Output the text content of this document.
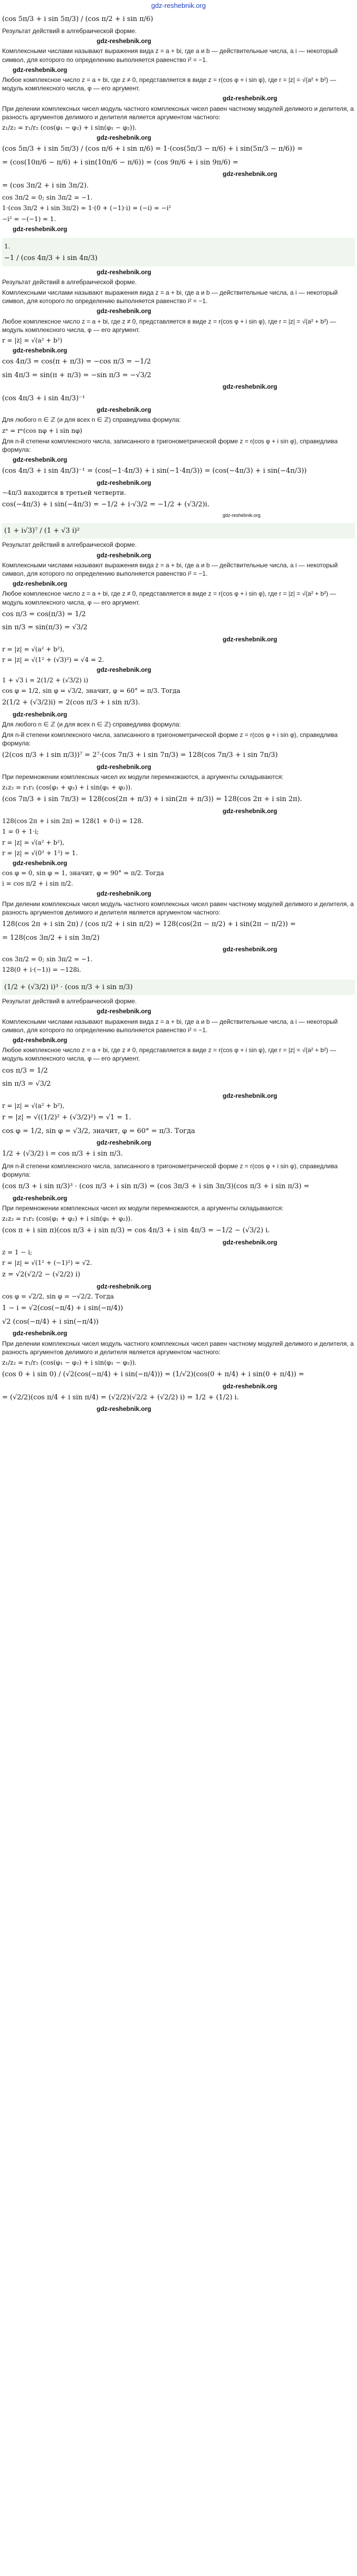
gdz-reshebnik.org
(cos 5π/3 + i sin 5π/3) / (cos π/2 + i sin π/6)
Результат действий в алгебраической форме.
gdz-reshebnik.org
Комплексными числами называют выражения вида z = a + bi, где a и b — действительные числа, а i — некоторый символ, для которого по определению выполняется равенство i² = −1.
gdz-reshebnik.org
Любое комплексное число z = a + bi, где z ≠ 0, представляется в виде z = r(cos φ + i sin φ), где r = |z| = √(a² + b²) — модуль комплексного числа, φ — его аргумент.
gdz-reshebnik.org
При делении комплексных чисел модуль частного комплексных чисел равен частному модулей делимого и делителя, а разность аргументов делимого и делителя является аргументом частного:
z₁/z₂ = r₁/r₂ (cos(φ₁ − φ₂) + i sin(φ₁ − φ₂)).
gdz-reshebnik.org
(cos 5π/3 + i sin 5π/3) / (cos π/6 + i sin π/6) = 1·(cos(5π/3 − π/6) + i sin(5π/3 − π/6)) =
= (cos(10π/6 − π/6) + i sin(10π/6 − π/6)) = (cos 9π/6 + i sin 9π/6) =
gdz-reshebnik.org
= (cos 3π/2 + i sin 3π/2).
cos 3π/2 = 0; sin 3π/2 = −1.
1·(cos 3π/2 + i sin 3π/2) = 1·(0 + (−1)·i) = (−i) = −i²
−i² = −(−1) = 1.
gdz-reshebnik.org
1.
−1 / (cos 4π/3 + i sin 4π/3)
gdz-reshebnik.org
Результат действий в алгебраической форме.
Комплексными числами называют выражения вида z = a + bi, где a и b — действительные числа, а i — некоторый символ, для которого по определению выполняется равенство i² = −1.
gdz-reshebnik.org
Любое комплексное число z = a + bi, где z ≠ 0, представляется в виде z = r(cos φ + i sin φ), где r = |z| = √(a² + b²) — модуль комплексного числа, φ — его аргумент.
r = |z| = √(a² + b²)
gdz-reshebnik.org
cos 4π/3 = cos(π + π/3) = −cos π/3 = −1/2
sin 4π/3 = sin(π + π/3) = −sin π/3 = −√3/2
gdz-reshebnik.org
(cos 4π/3 + i sin 4π/3)⁻¹
gdz-reshebnik.org
Для любого n ∈ ℤ (и для всех n ∈ ℤ) справедлива формула:
zⁿ = rⁿ(cos nφ + i sin nφ)
Для n-й степени комплексного числа, записанного в тригонометрической форме z = r(cos φ + i sin φ), справедлива формула:
gdz-reshebnik.org
(cos 4π/3 + i sin 4π/3)⁻¹ = (cos(−1·4π/3) + i sin(−1·4π/3)) = (cos(−4π/3) + i sin(−4π/3))
gdz-reshebnik.org
−4π/3 находится в третьей четверти.
cos(−4π/3) + i sin(−4π/3) = −1/2 + i·√3/2 = −1/2 + (√3/2)i.
gdz-reshebnik.org
(1 + i√3)⁷ / (1 + √3 i)²
Результат действий в алгебраической форме.
gdz-reshebnik.org
Комплексными числами называют выражения вида z = a + bi, где a и b — действительные числа, а i — некоторый символ, для которого по определению выполняется равенство i² = −1.
gdz-reshebnik.org
Любое комплексное число z = a + bi, где z ≠ 0, представляется в виде z = r(cos φ + i sin φ), где r = |z| = √(a² + b²) — модуль комплексного числа, φ — его аргумент.
cos π/3 = cos(π/3) = 1/2
sin π/3 = sin(π/3) = √3/2
gdz-reshebnik.org
r = |z| = √(a² + b²),
r = |z| = √(1² + (√3)²) = √4 = 2.
gdz-reshebnik.org
1 + √3 i = 2(1/2 + (√3/2) i)
cos φ = 1/2, sin φ = √3/2, значит, φ = 60° = π/3. Тогда
2(1/2 + (√3/2)i) = 2(cos π/3 + i sin π/3).
gdz-reshebnik.org
Для любого n ∈ ℤ (и для всех n ∈ ℤ) справедлива формула:
Для n-й степени комплексного числа, записанного в тригонометрической форме z = r(cos φ + i sin φ), справедлива формула:
(2(cos π/3 + i sin π/3))⁷ = 2⁷·(cos 7π/3 + i sin 7π/3) = 128(cos 7π/3 + i sin 7π/3)
gdz-reshebnik.org
При перемножении комплексных чисел их модули перемножаются, а аргументы складываются:
z₁z₂ = r₁r₂ (cos(φ₁ + φ₂) + i sin(φ₁ + φ₂)).
(cos 7π/3 + i sin 7π/3) = 128(cos(2π + π/3) + i sin(2π + π/3)) = 128(cos 2π + i sin 2π).
gdz-reshebnik.org
128(cos 2π + i sin 2π) = 128(1 + 0·i) = 128.
1 = 0 + 1·i;
r = |z| = √(a² + b²),
r = |z| = √(0² + 1²) = 1.
gdz-reshebnik.org
cos φ = 0, sin φ = 1, значит, φ = 90° = π/2. Тогда
i = cos π/2 + i sin π/2.
gdz-reshebnik.org
При делении комплексных чисел модуль частного комплексных чисел равен частному модулей делимого и делителя, а разность аргументов делимого и делителя является аргументом частного:
128(cos 2π + i sin 2π) / (cos π/2 + i sin π/2) = 128(cos(2π − π/2) + i sin(2π − π/2)) =
= 128(cos 3π/2 + i sin 3π/2)
gdz-reshebnik.org
cos 3π/2 = 0; sin 3π/2 = −1.
128(0 + i·(−1)) = −128i.
(1/2 + (√3/2) i)³ · (cos π/3 + i sin π/3)
Результат действий в алгебраической форме.
gdz-reshebnik.org
Комплексными числами называют выражения вида z = a + bi, где a и b — действительные числа, а i — некоторый символ, для которого по определению выполняется равенство i² = −1.
gdz-reshebnik.org
Любое комплексное число z = a + bi, где z ≠ 0, представляется в виде z = r(cos φ + i sin φ), где r = |z| = √(a² + b²) — модуль комплексного числа, φ — его аргумент.
cos π/3 = 1/2
sin π/3 = √3/2
gdz-reshebnik.org
r = |z| = √(a² + b²),
r = |z| = √((1/2)² + (√3/2)²) = √1 = 1.
cos φ = 1/2, sin φ = √3/2, значит, φ = 60° = π/3. Тогда
gdz-reshebnik.org
1/2 + (√3/2) i = cos π/3 + i sin π/3.
Для n-й степени комплексного числа, записанного в тригонометрической форме z = r(cos φ + i sin φ), справедлива формула:
(cos π/3 + i sin π/3)³ · (cos π/3 + i sin π/3) = (cos 3π/3 + i sin 3π/3)(cos π/3 + i sin π/3) =
gdz-reshebnik.org
При перемножении комплексных чисел их модули перемножаются, а аргументы складываются:
z₁z₂ = r₁r₂ (cos(φ₁ + φ₂) + i sin(φ₁ + φ₂)).
(cos π + i sin π)(cos π/3 + i sin π/3) = cos 4π/3 + i sin 4π/3 = −1/2 − (√3/2) i.
gdz-reshebnik.org
z = 1 − i;
r = |z| = √(1² + (−1)²) = √2.
z = √2(√2/2 − (√2/2) i)
gdz-reshebnik.org
cos φ = √2/2, sin φ = −√2/2. Тогда
1 − i = √2(cos(−π/4) + i sin(−π/4))
√2 (cos(−π/4) + i sin(−π/4))
gdz-reshebnik.org
При делении комплексных чисел модуль частного комплексных чисел равен частному модулей делимого и делителя, а разность аргументов делимого и делителя является аргументом частного:
z₁/z₂ = r₁/r₂ (cos(φ₁ − φ₂) + i sin(φ₁ − φ₂)).
(cos 0 + i sin 0) / (√2(cos(−π/4) + i sin(−π/4))) = (1/√2)(cos(0 + π/4) + i sin(0 + π/4)) =
gdz-reshebnik.org
= (√2/2)(cos π/4 + i sin π/4) = (√2/2)(√2/2 + (√2/2) i) = 1/2 + (1/2) i.
gdz-reshebnik.org
